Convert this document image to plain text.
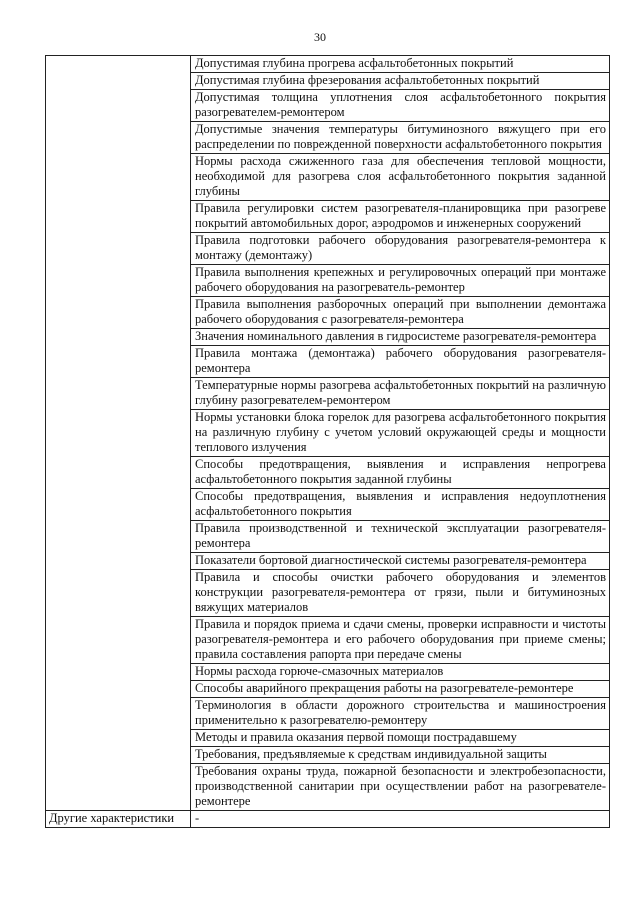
30
	Допустимая глубина прогрева асфальтобетонных покрытий
	Допустимая глубина фрезерования асфальтобетонных покрытий
	Допустимая толщина уплотнения слоя асфальтобетонного покрытия разогревателем-ремонтером
	Допустимые значения температуры битуминозного вяжущего при его распределении по поврежденной поверхности асфальтобетонного покрытия
	Нормы расхода сжиженного газа для обеспечения тепловой мощности, необходимой для разогрева слоя асфальтобетонного покрытия заданной глубины
	Правила регулировки систем разогревателя-планировщика при разогреве покрытий автомобильных дорог, аэродромов и инженерных сооружений
	Правила подготовки рабочего оборудования разогревателя-ремонтера к монтажу (демонтажу)
	Правила выполнения крепежных и регулировочных операций при монтаже рабочего оборудования на разогреватель-ремонтер
	Правила выполнения разборочных операций при выполнении демонтажа рабочего оборудования с разогревателя-ремонтера
	Значения номинального давления в гидросистеме разогревателя-ремонтера
	Правила монтажа (демонтажа) рабочего оборудования разогревателя-ремонтера
	Температурные нормы разогрева асфальтобетонных покрытий на различную глубину разогревателем-ремонтером
	Нормы установки блока горелок для разогрева асфальтобетонного покрытия на различную глубину с учетом условий окружающей среды и мощности теплового излучения
	Способы предотвращения, выявления и исправления непрогрева асфальтобетонного покрытия заданной глубины
	Способы предотвращения, выявления и исправления недоуплотнения асфальтобетонного покрытия
	Правила производственной и технической эксплуатации разогревателя-ремонтера
	Показатели бортовой диагностической системы разогревателя-ремонтера
	Правила и способы очистки рабочего оборудования и элементов конструкции разогревателя-ремонтера от грязи, пыли и битуминозных вяжущих материалов
	Правила и порядок приема и сдачи смены, проверки исправности и чистоты разогревателя-ремонтера и его рабочего оборудования при приеме смены; правила составления рапорта при передаче смены
	Нормы расхода горюче-смазочных материалов
	Способы аварийного прекращения работы на разогревателе-ремонтере
	Терминология в области дорожного строительства и машиностроения применительно к разогревателю-ремонтеру
	Методы и правила оказания первой помощи пострадавшему
	Требования, предъявляемые к средствам индивидуальной защиты
	Требования охраны труда, пожарной безопасности и электробезопасности, производственной санитарии при осуществлении работ на разогревателе-ремонтере
Другие характеристики	-
